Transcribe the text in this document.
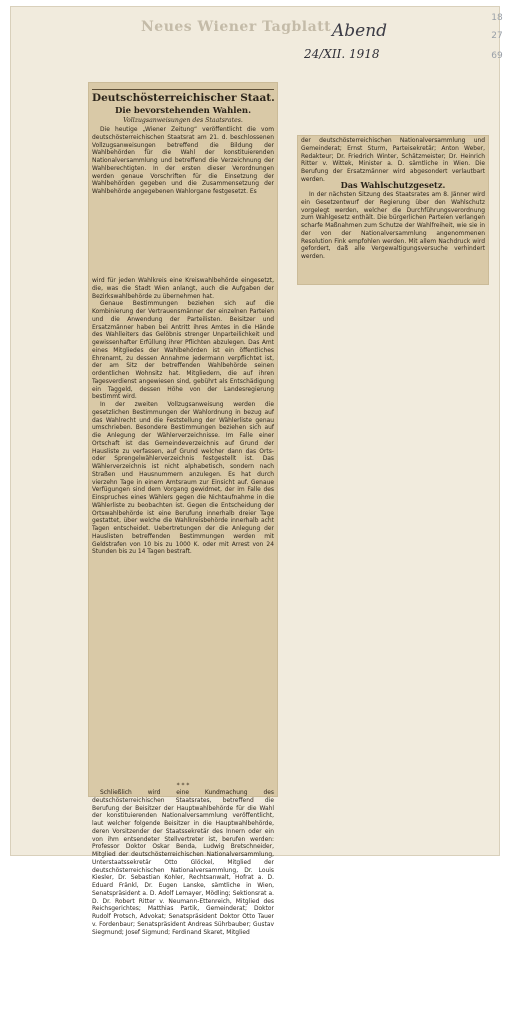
Neues Wiener Tagblatt Abend
24/XII. 1918
18
27
69
Deutschösterreichischer Staat.
Die bevorstehenden Wahlen.
Vollzugsanweisungen des Staatsrates.

Die heutige „Wiener Zeitung“ veröffentlicht die vom deutschösterreichischen Staatsrat am 21. d. beschlossenen Vollzugsanweisungen betreffend die Bildung der Wahlbehörden für die Wahl der konstituierenden Nationalversammlung und betreffend die Verzeichnung der Wahlberechtigten. In der ersten dieser Verordnungen werden genaue Vorschriften für die Einsetzung der Wahlbehörden gegeben und die Zusammensetzung der Wahlbehörde angegebenen Wahlorgane festgesetzt. Es

wird für jeden Wahlkreis eine Kreiswahlbehörde eingesetzt, die, was die Stadt Wien anlangt, auch die Aufgaben der Bezirkswahlbehörde zu übernehmen hat.

Genaue Bestimmungen beziehen sich auf die Kombinierung der Vertrauensmänner der einzelnen Parteien und die Anwendung der Parteilisten. Beisitzer und Ersatzmänner haben bei Antritt ihres Amtes in die Hände des Wahlleiters das Gelöbnis strenger Unparteilichkeit und gewissenhafter Erfüllung ihrer Pflichten abzulegen. Das Amt eines Mitgliedes der Wahlbehörden ist ein öffentliches Ehrenamt, zu dessen Annahme jedermann verpflichtet ist, der am Sitz der betreffenden Wahlbehörde seinen ordentlichen Wohnsitz hat. Mitgliedern, die auf ihren Tagesverdienst angewiesen sind, gebührt als Entschädigung ein Taggeld, dessen Höhe von der Landesregierung bestimmt wird.

In der zweiten Vollzugsanweisung werden die gesetzlichen Bestimmungen der Wahlordnung in bezug auf das Wahlrecht und die Feststellung der Wählerliste genau umschrieben. Besondere Bestimmungen beziehen sich auf die Anlegung der Wählerverzeichnisse. Im Falle einer Ortschaft ist das Gemeindeverzeichnis auf Grund der Hausliste zu verfassen, auf Grund welcher dann das Orts- oder Sprengelwählerverzeichnis festgestellt ist. Das Wählerverzeichnis ist nicht alphabetisch, sondern nach Straßen und Hausnummern anzulegen. Es hat durch vierzehn Tage in einem Amtsraum zur Einsicht auf. Genaue Verfügungen sind dem Vorgang gewidmet, der im Falle des Einspruches eines Wählers gegen die Nichtaufnahme in die Wählerliste zu beobachten ist. Gegen die Entscheidung der Ortswahlbehörde ist eine Berufung innerhalb dreier Tage gestattet, über welche die Wahlkreisbehörde innerhalb acht Tagen entscheidet. Uebertretungen der die Anlegung der Hauslisten betreffenden Bestimmungen werden mit Geldstrafen von 10 bis zu 1000 K. oder mit Arrest von 24 Stunden bis zu 14 Tagen bestraft.

* * *

Schließlich wird eine Kundmachung des deutschösterreichischen Staatsrates, betreffend die Berufung der Beisitzer der Hauptwahlbehörde für die Wahl der konstituierenden Nationalversammlung veröffentlicht, laut welcher folgende Beisitzer in die Hauptwahlbehörde, deren Vorsitzender der Staatssekretär des Innern oder ein von ihm entsendeter Stellvertreter ist, berufen werden: Professor Doktor Oskar Benda, Ludwig Bretschneider, Mitglied der deutschösterreichischen Nationalversammlung, Unterstaatssekretär Otto Glöckel, Mitglied der deutschösterreichischen Nationalversammlung, Dr. Louis Kiesler, Dr. Sebastian Kohler, Rechtsanwalt, Hofrat a. D. Eduard Fränkl, Dr. Eugen Lanske, sämtliche in Wien, Senatspräsident a. D. Adolf Lemayer, Mödling; Sektionsrat a. D. Dr. Robert Ritter v. Neumann-Ettenreich, Mitglied des Reichsgerichtes; Matthias Partik, Gemeinderat; Doktor Rudolf Protsch, Advokat; Senatspräsident Doktor Otto Tauer v. Fordenbaur; Senatspräsident Andreas Sührbauber; Gustav Siegmund; Josef Sigmund; Ferdinand Skaret, Mitglied

der deutschösterreichischen Nationalversammlung und Gemeinderat; Ernst Sturm, Parteisekretär; Anton Weber, Redakteur; Dr. Friedrich Winter, Schätzmeister; Dr. Heinrich Ritter v. Wittek, Minister a. D. sämtliche in Wien. Die Berufung der Ersatzmänner wird abgesondert verlautbart werden.

Das Wahlschutzgesetz.

In der nächsten Sitzung des Staatsrates am 8. Jänner wird ein Gesetzentwurf der Regierung über den Wahlschutz vorgelegt werden, welcher die Durchführungsverordnung zum Wahlgesetz enthält. Die bürgerlichen Parteien verlangen scharfe Maßnahmen zum Schutze der Wahlfreiheit, wie sie in der von der Nationalversammlung angenommenen Resolution Fink empfohlen werden. Mit allem Nachdruck wird gefordert, daß alle Vergewaltigungsversuche verhindert werden.
